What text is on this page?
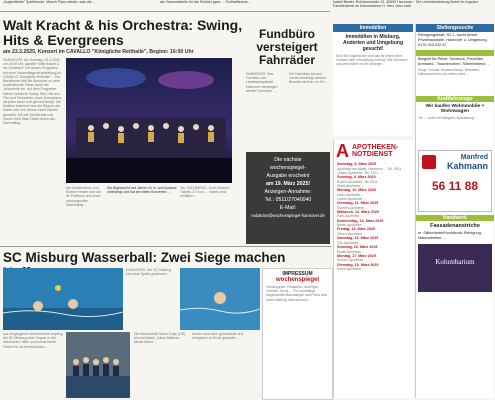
„Augenblicke" Spielfreude. Manch Pyko wieder, was die...	der Sammelstelle für die Schüler ganz ... Fußballteams ...	Isabel Bester, Ruhlakestraße 13, 30559 Hannover · Die Urnenbeisetzung findet im engsten Familienkreis im Kolumbarium H. Herz Jesu statt.
Walt Kracht & his Orchestra: Swing, Hits & Evergreens
am 23.3.2025, Konzert im CAVALLO "Königliche Reithalle", Beginn: 16:00 Uhr
HANNOVER. Am Sonntag, 23.3.2025, um 16:00 Uhr, gastiert "Walt Kracht & his Orchestra" mit neuem Programm auf einer Nachmittagsveranstaltung im CAVALLO "Königliche Reithalle"... Der Bandleader lädt die Besucher zu einer musikalischen Reise durch die Jahrzehnte ein. Auf dem Programm stehen bekannte Swing-Titel, Hits aus Film und Fernsehen sowie Evergreens, die jeder kennt und gerne mitsingt. Die Musiker stammen aus der Region und haben sich seit Jahren einen Namen gemacht. Mit viel Spielfreude und Humor führt Walt Kracht durch den Nachmittag...
Die Bigband ist seit Jahren im In- und Ausland unterwegs und hat bei vielen Konzerten ...
Tel.: 0511/860067, Gold-Gedeck-Tickets: 37 Euro ... Karten sind erhältlich ...
Die Musikerinnen und Musiker freuen sich auf ihr Publikum und einen schwungvollen Nachmittag ...
Fundbüro versteigert Fahrräder
HANNOVER. Das Fundbüro der Landeshauptstadt Hannover versteigert wieder Fahrräder ...
Die Fahrräder können vorher besichtigt werden. Bezahlt wird bar vor Ort ...
Die nächste
wochenspiegel-
Ausgabe erscheint
am 19. März 2025!
Anzeigen-Annahme:
Tel.: 0511/27040040
E-Mail:
redaktion@wochenspiegel-hannover.de
A APOTHEKEN-
NOTDIENST
Samstag, 8. März 2025
Apotheke am Markt, Hannover ... Tel. 0511 ...
Linden-Apotheke, Tel. 0511 ...
Sonntag, 9. März 2025
Rosen-Apotheke, Tel. 0511 ...
Stadt-Apotheke ...
Montag, 10. März 2025
Adler-Apotheke ...
Löwen-Apotheke ...
Dienstag, 11. März 2025
Sonnen-Apotheke ...
Mittwoch, 12. März 2025
Park-Apotheke ...
Donnerstag, 13. März 2025
Bären-Apotheke ...
Freitag, 14. März 2025
Hirsch-Apotheke ...
Samstag, 15. März 2025
City-Apotheke ...
Sonntag, 16. März 2025
Markt-Apotheke ...
Montag, 17. März 2025
Kronen-Apotheke ...
Dienstag, 18. März 2025
Eulen-Apotheke ...
Immobilien
Immobilien in Misburg, Anderten und Umgebung gesucht!
Sind Sie Eigentümer und das ist Ihnen beim Verkauf oder Vermietung wichtig? Wir kümmern uns persönlich um Ihr Anliegen ...
Stellengesuche
Reinigungskraft, 50 J., sucht Arbeit, Privathaushalte, Hannover u. Umgebung. 0176 323 032 57

Bargeld für Pelze, Schmuck, Porzellan, Armband-, Taschenuhren, Silberbesteck ...
Krüge, Kristall, Modeschmuck, Bernstein, Nähmaschinen und vieles mehr ...
Kraftfahrzeuge
Wir kaufen Wohnmobile + Wohnwagen
Tel. ... auch mit Mängeln, Barzahlung ...
Manfred
Kahmann
56 11 88
Handwerk
Fassadenanstriche
m. Silikonfarbe/Hochdruck-Reinigung, Malerarbeiten, ...
Kolumbarium
SC Misburg Wasserball: Zwei Siege machen
HANNOVER. Der SC Misburg hat seine Spiele gewonnen ...
Am vergangenen Wochenende empfing der SC Misburg zwei Gegner in der heimischen Halle und konnte beide Partien für sich entscheiden ...
Die Mannschaft Simon Golly (TW), Ahmad Mahdi, Julian Bellasso, Niklas Ahlert ...
Konter dann aber grundsolide und erfolgreich zu Ende gebracht ...
IMPRESSUM
wochenspiegel
Herausgeber, Redaktion, Anzeigen, Vertrieb, Druck ... Für unverlangt eingesandte Manuskripte und Fotos wird keine Haftung übernommen ...
